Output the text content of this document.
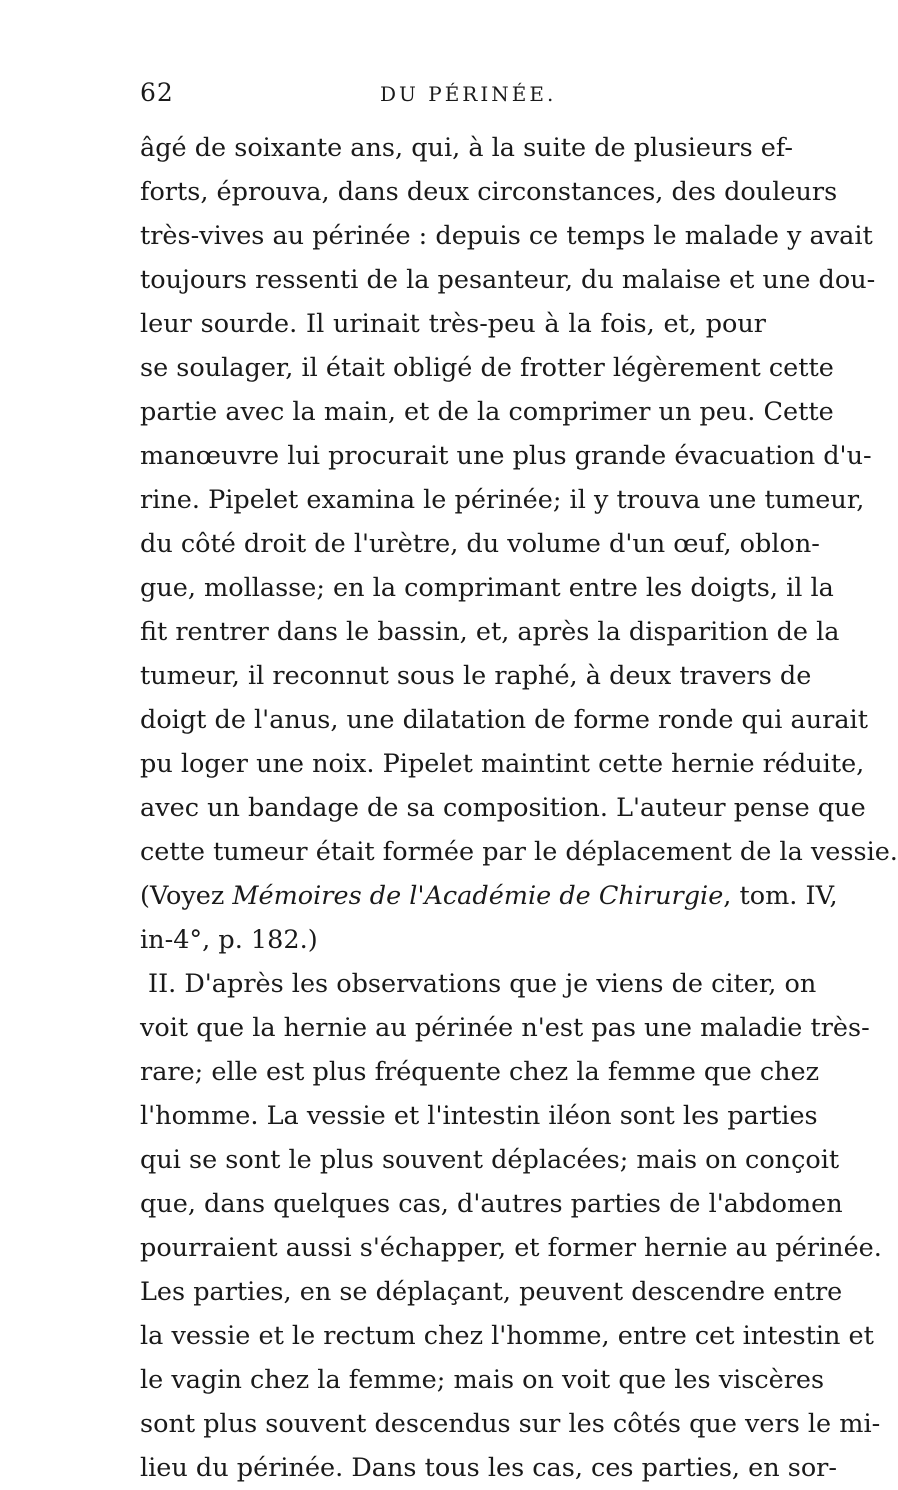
62	DU PÉRINÉE.
âgé de soixante ans, qui, à la suite de plusieurs ef-
forts, éprouva, dans deux circonstances, des douleurs
très-vives au périnée : depuis ce temps le malade y avait
toujours ressenti de la pesanteur, du malaise et une dou-
leur sourde. Il urinait très-peu à la fois, et, pour
se soulager, il était obligé de frotter légèrement cette
partie avec la main, et de la comprimer un peu. Cette
manœuvre lui procurait une plus grande évacuation d'u-
rine. Pipelet examina le périnée; il y trouva une tumeur,
du côté droit de l'urètre, du volume d'un œuf, oblon-
gue, mollasse; en la comprimant entre les doigts, il la
fit rentrer dans le bassin, et, après la disparition de la
tumeur, il reconnut sous le raphé, à deux travers de
doigt de l'anus, une dilatation de forme ronde qui aurait
pu loger une noix. Pipelet maintint cette hernie réduite,
avec un bandage de sa composition. L'auteur pense que
cette tumeur était formée par le déplacement de la vessie.
(Voyez Mémoires de l'Académie de Chirurgie, tom. IV,
in-4°, p. 182.)
II. D'après les observations que je viens de citer, on
voit que la hernie au périnée n'est pas une maladie très-
rare; elle est plus fréquente chez la femme que chez
l'homme. La vessie et l'intestin iléon sont les parties
qui se sont le plus souvent déplacées; mais on conçoit
que, dans quelques cas, d'autres parties de l'abdomen
pourraient aussi s'échapper, et former hernie au périnée.
Les parties, en se déplaçant, peuvent descendre entre
la vessie et le rectum chez l'homme, entre cet intestin et
le vagin chez la femme; mais on voit que les viscères
sont plus souvent descendus sur les côtés que vers le mi-
lieu du périnée. Dans tous les cas, ces parties, en sor-
